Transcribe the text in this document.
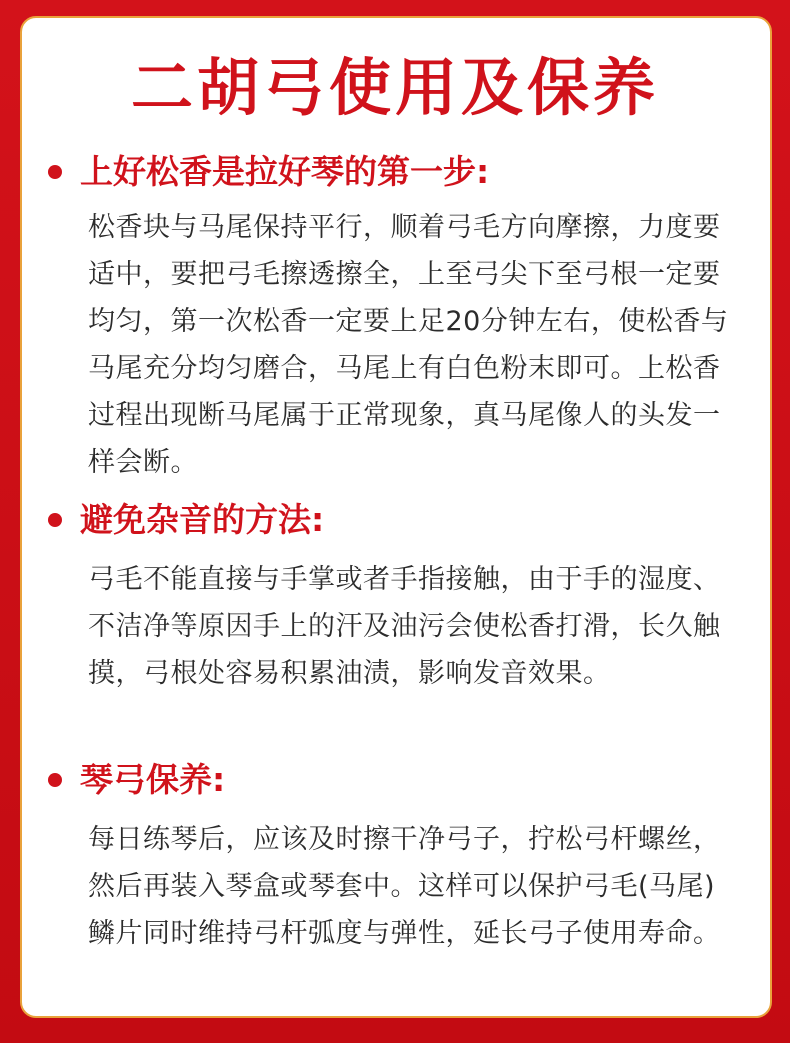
二胡弓使用及保养
上好松香是拉好琴的第一步:
松香块与马尾保持平行，顺着弓毛方向摩擦，力度要适中，要把弓毛擦透擦全，上至弓尖下至弓根一定要均匀，第一次松香一定要上足20分钟左右，使松香与马尾充分均匀磨合，马尾上有白色粉末即可。上松香过程出现断马尾属于正常现象，真马尾像人的头发一样会断。
避免杂音的方法:
弓毛不能直接与手掌或者手指接触，由于手的湿度、不洁净等原因手上的汗及油污会使松香打滑，长久触摸，弓根处容易积累油渍，影响发音效果。
琴弓保养:
每日练琴后，应该及时擦干净弓子，拧松弓杆螺丝，然后再装入琴盒或琴套中。这样可以保护弓毛(马尾)鳞片同时维持弓杆弧度与弹性，延长弓子使用寿命。
